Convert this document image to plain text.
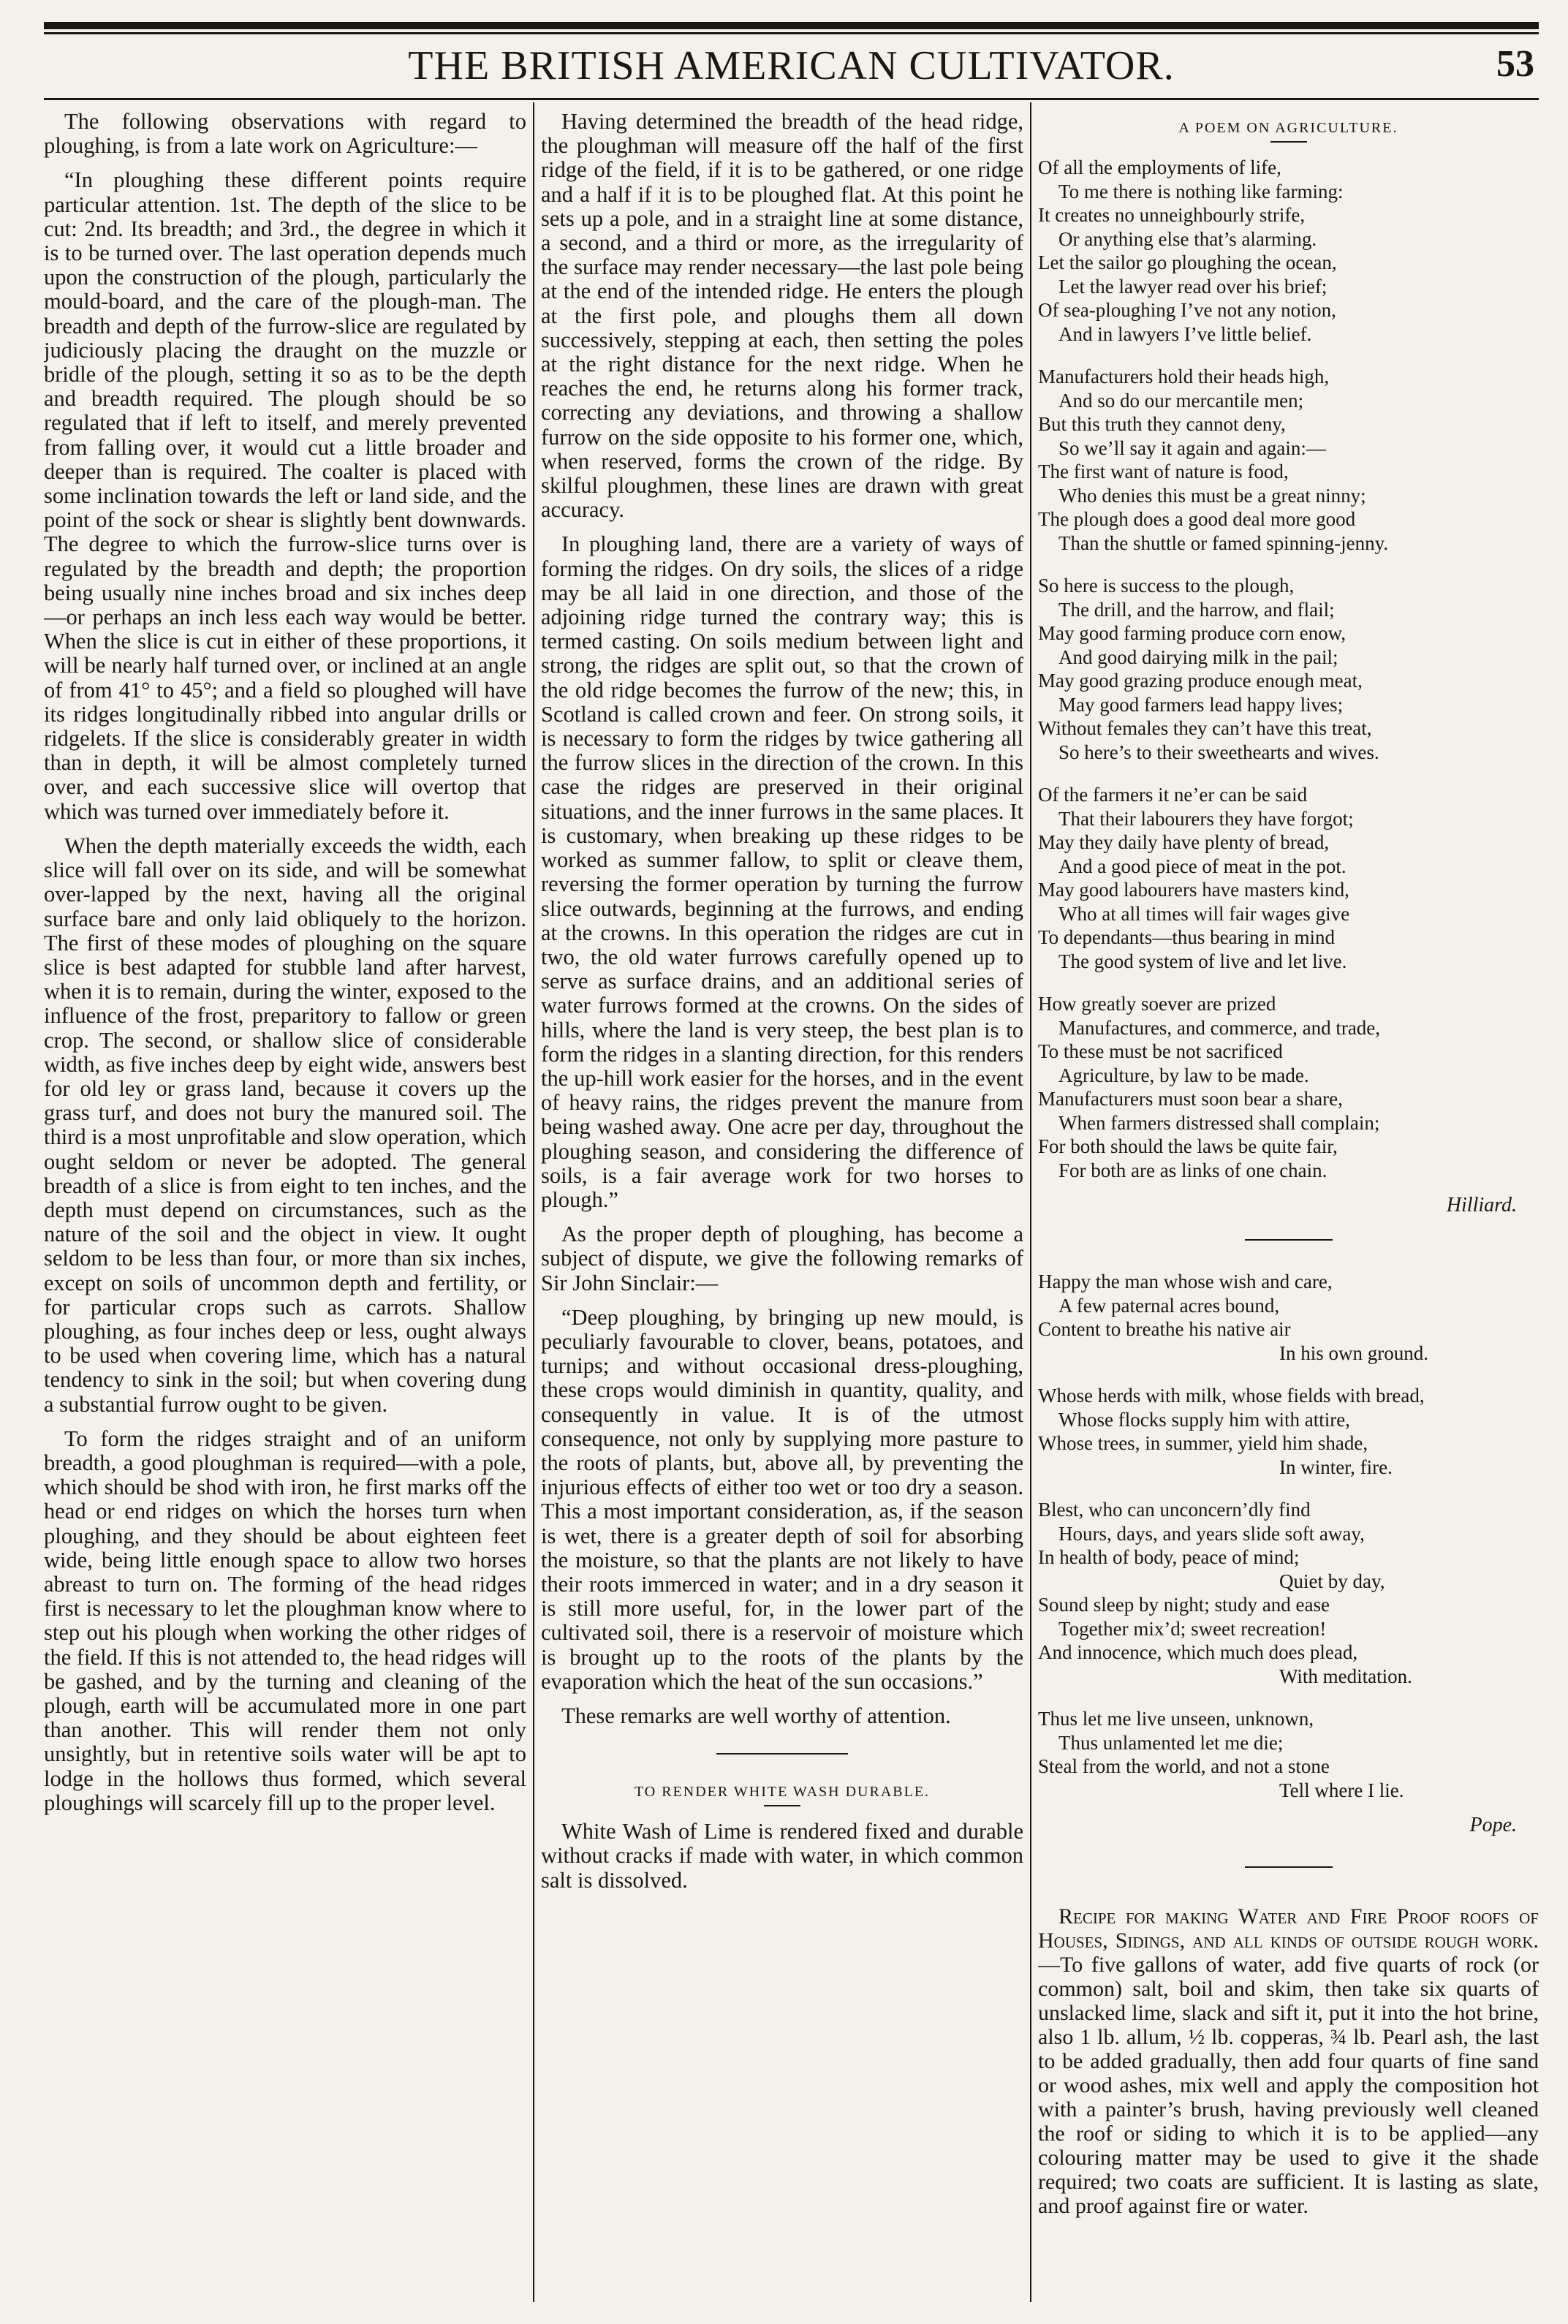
THE BRITISH AMERICAN CULTIVATOR.	53

The following observations with regard to ploughing, is from a late work on Agriculture:—

“In ploughing these different points require particular attention. 1st. The depth of the slice to be cut: 2nd. Its breadth; and 3rd., the degree in which it is to be turned over. The last operation depends much upon the construction of the plough, particularly the mould-board, and the care of the plough-man. The breadth and depth of the furrow-slice are regulated by judiciously placing the draught on the muzzle or bridle of the plough, setting it so as to be the depth and breadth required. The plough should be so regulated that if left to itself, and merely prevented from falling over, it would cut a little broader and deeper than is required. The coalter is placed with some inclination towards the left or land side, and the point of the sock or shear is slightly bent downwards. The degree to which the furrow-slice turns over is regulated by the breadth and depth; the proportion being usually nine inches broad and six inches deep—or perhaps an inch less each way would be better. When the slice is cut in either of these proportions, it will be nearly half turned over, or inclined at an angle of from 41° to 45°; and a field so ploughed will have its ridges longitudinally ribbed into angular drills or ridgelets. If the slice is considerably greater in width than in depth, it will be almost completely turned over, and each successive slice will overtop that which was turned over immediately before it.

When the depth materially exceeds the width, each slice will fall over on its side, and will be somewhat over-lapped by the next, having all the original surface bare and only laid obliquely to the horizon. The first of these modes of ploughing on the square slice is best adapted for stubble land after harvest, when it is to remain, during the winter, exposed to the influence of the frost, preparitory to fallow or green crop. The second, or shallow slice of considerable width, as five inches deep by eight wide, answers best for old ley or grass land, because it covers up the grass turf, and does not bury the manured soil. The third is a most unprofitable and slow operation, which ought seldom or never be adopted. The general breadth of a slice is from eight to ten inches, and the depth must depend on circumstances, such as the nature of the soil and the object in view. It ought seldom to be less than four, or more than six inches, except on soils of uncommon depth and fertility, or for particular crops such as carrots. Shallow ploughing, as four inches deep or less, ought always to be used when covering lime, which has a natural tendency to sink in the soil; but when covering dung a substantial furrow ought to be given.

To form the ridges straight and of an uniform breadth, a good ploughman is required—with a pole, which should be shod with iron, he first marks off the head or end ridges on which the horses turn when ploughing, and they should be about eighteen feet wide, being little enough space to allow two horses abreast to turn on. The forming of the head ridges first is necessary to let the ploughman know where to step out his plough when working the other ridges of the field. If this is not attended to, the head ridges will be gashed, and by the turning and cleaning of the plough, earth will be accumulated more in one part than another. This will render them not only unsightly, but in retentive soils water will be apt to lodge in the hollows thus formed, which several ploughings will scarcely fill up to the proper level.

Having determined the breadth of the head ridge, the ploughman will measure off the half of the first ridge of the field, if it is to be gathered, or one ridge and a half if it is to be ploughed flat. At this point he sets up a pole, and in a straight line at some distance, a second, and a third or more, as the irregularity of the surface may render necessary—the last pole being at the end of the intended ridge. He enters the plough at the first pole, and ploughs them all down successively, stepping at each, then setting the poles at the right distance for the next ridge. When he reaches the end, he returns along his former track, correcting any deviations, and throwing a shallow furrow on the side opposite to his former one, which, when reserved, forms the crown of the ridge. By skilful ploughmen, these lines are drawn with great accuracy.

In ploughing land, there are a variety of ways of forming the ridges. On dry soils, the slices of a ridge may be all laid in one direction, and those of the adjoining ridge turned the contrary way; this is termed casting. On soils medium between light and strong, the ridges are split out, so that the crown of the old ridge becomes the furrow of the new; this, in Scotland is called crown and feer. On strong soils, it is necessary to form the ridges by twice gathering all the furrow slices in the direction of the crown. In this case the ridges are preserved in their original situations, and the inner furrows in the same places. It is customary, when breaking up these ridges to be worked as summer fallow, to split or cleave them, reversing the former operation by turning the furrow slice outwards, beginning at the furrows, and ending at the crowns. In this operation the ridges are cut in two, the old water furrows carefully opened up to serve as surface drains, and an additional series of water furrows formed at the crowns. On the sides of hills, where the land is very steep, the best plan is to form the ridges in a slanting direction, for this renders the up-hill work easier for the horses, and in the event of heavy rains, the ridges prevent the manure from being washed away. One acre per day, throughout the ploughing season, and considering the difference of soils, is a fair average work for two horses to plough.”

As the proper depth of ploughing, has become a subject of dispute, we give the following remarks of Sir John Sinclair:—

“Deep ploughing, by bringing up new mould, is peculiarly favourable to clover, beans, potatoes, and turnips; and without occasional dress-ploughing, these crops would diminish in quantity, quality, and consequently in value. It is of the utmost consequence, not only by supplying more pasture to the roots of plants, but, above all, by preventing the injurious effects of either too wet or too dry a season. This a most important consideration, as, if the season is wet, there is a greater depth of soil for absorbing the moisture, so that the plants are not likely to have their roots immerced in water; and in a dry season it is still more useful, for, in the lower part of the cultivated soil, there is a reservoir of moisture which is brought up to the roots of the plants by the evaporation which the heat of the sun occasions.”

These remarks are well worthy of attention.

TO RENDER WHITE WASH DURABLE.

White Wash of Lime is rendered fixed and durable without cracks if made with water, in which common salt is dissolved.

A POEM ON AGRICULTURE.
Of all the employments of life,
To me there is nothing like farming:
It creates no unneighbourly strife,
Or anything else that’s alarming.
Let the sailor go ploughing the ocean,
Let the lawyer read over his brief;
Of sea-ploughing I’ve not any notion,
And in lawyers I’ve little belief.
Manufacturers hold their heads high,
And so do our mercantile men;
But this truth they cannot deny,
So we’ll say it again and again:—
The first want of nature is food,
Who denies this must be a great ninny;
The plough does a good deal more good
Than the shuttle or famed spinning-jenny.
So here is success to the plough,
The drill, and the harrow, and flail;
May good farming produce corn enow,
And good dairying milk in the pail;
May good grazing produce enough meat,
May good farmers lead happy lives;
Without females they can’t have this treat,
So here’s to their sweethearts and wives.
Of the farmers it ne’er can be said
That their labourers they have forgot;
May they daily have plenty of bread,
And a good piece of meat in the pot.
May good labourers have masters kind,
Who at all times will fair wages give
To dependants—thus bearing in mind
The good system of live and let live.
How greatly soever are prized
Manufactures, and commerce, and trade,
To these must be not sacrificed
Agriculture, by law to be made.
Manufacturers must soon bear a share,
When farmers distressed shall complain;
For both should the laws be quite fair,
For both are as links of one chain.
Hilliard.
Happy the man whose wish and care,
A few paternal acres bound,
Content to breathe his native air
In his own ground.
Whose herds with milk, whose fields with bread,
Whose flocks supply him with attire,
Whose trees, in summer, yield him shade,
In winter, fire.
Blest, who can unconcern’dly find
Hours, days, and years slide soft away,
In health of body, peace of mind;
Quiet by day,
Sound sleep by night; study and ease
Together mix’d; sweet recreation!
And innocence, which much does plead,
With meditation.
Thus let me live unseen, unknown,
Thus unlamented let me die;
Steal from the world, and not a stone
Tell where I lie.
Pope.

Recipe for making Water and Fire Proof roofs of Houses, Sidings, and all kinds of outside rough work.—To five gallons of water, add five quarts of rock (or common) salt, boil and skim, then take six quarts of unslacked lime, slack and sift it, put it into the hot brine, also 1 lb. allum, ½ lb. copperas, ¾ lb. Pearl ash, the last to be added gradually, then add four quarts of fine sand or wood ashes, mix well and apply the composition hot with a painter’s brush, having previously well cleaned the roof or siding to which it is to be applied—any colouring matter may be used to give it the shade required; two coats are sufficient. It is lasting as slate, and proof against fire or water.
